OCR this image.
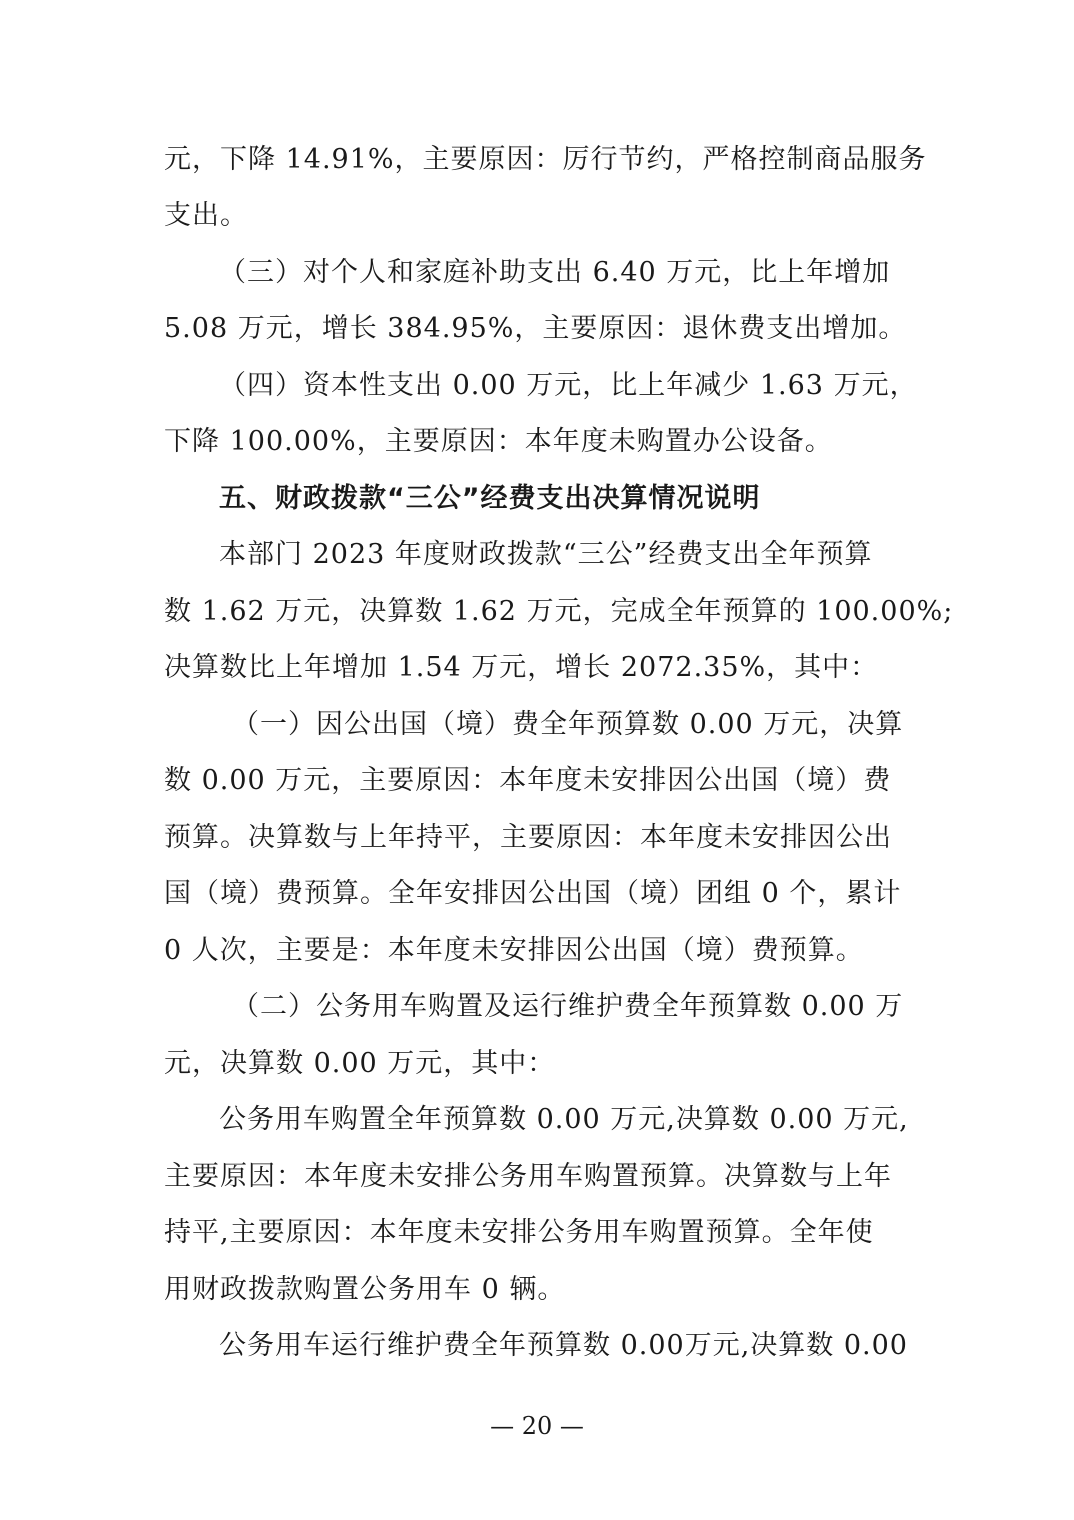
元，下降 14.91%，主要原因：厉行节约，严格控制商品服务
支出。
（三）对个人和家庭补助支出 6.40 万元，比上年增加
5.08 万元，增长 384.95%，主要原因：退休费支出增加。
（四）资本性支出 0.00 万元，比上年减少 1.63 万元，
下降 100.00%，主要原因：本年度未购置办公设备。
五、财政拨款“三公”经费支出决算情况说明
本部门 2023 年度财政拨款“三公”经费支出全年预算
数 1.62 万元，决算数 1.62 万元，完成全年预算的 100.00%;
决算数比上年增加 1.54 万元，增长 2072.35%，其中：
（一）因公出国（境）费全年预算数 0.00 万元，决算
数 0.00 万元，主要原因：本年度未安排因公出国（境）费
预算。决算数与上年持平，主要原因：本年度未安排因公出
国（境）费预算。全年安排因公出国（境）团组 0 个，累计
0 人次，主要是：本年度未安排因公出国（境）费预算。
（二）公务用车购置及运行维护费全年预算数 0.00 万
元，决算数 0.00 万元，其中：
公务用车购置全年预算数 0.00 万元,决算数 0.00 万元,
主要原因：本年度未安排公务用车购置预算。决算数与上年
持平,主要原因：本年度未安排公务用车购置预算。全年使
用财政拨款购置公务用车 0 辆。
公务用车运行维护费全年预算数 0.00万元,决算数 0.00
— 20 —
